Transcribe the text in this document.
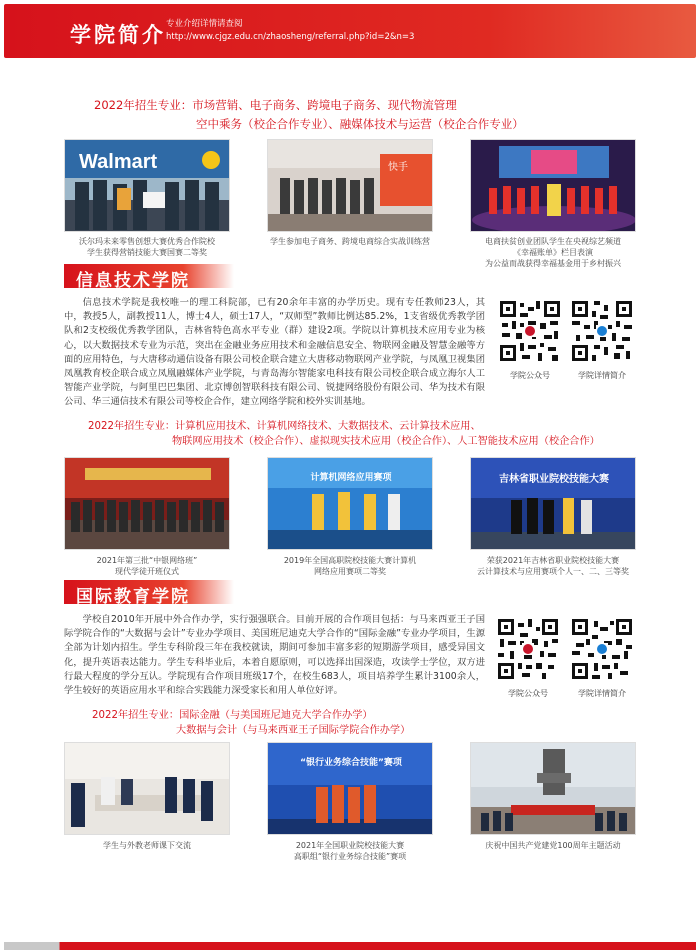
学院简介 专业介绍详情请查阅
http://www.cjgz.edu.cn/zhaosheng/referral.php?id=2&n=3
2022年招生专业：市场营销、电子商务、跨境电子商务、现代物流管理
空中乘务（校企合作专业）、融媒体技术与运营（校企合作专业）
Walmart
沃尔玛未来零售创想大赛优秀合作院校
学生获得营销技能大赛国赛二等奖
快手
学生参加电子商务、跨境电商综合实战训练营	电商扶贫创业团队学生在央视综艺频道
《幸福账单》栏目表演
为公益而战获得幸福基金用于乡村振兴
信息技术学院
信息技术学院是我校唯一的理工科院部，已有20余年丰富的办学历史。现有专任教师23人，其中，教授5人，副教授11人，博士4人，硕士17人，“双师型”教师比例达85.2%，1支省级优秀教学团队和2支校级优秀教学团队，吉林省特色高水平专业（群）建设2项。学院以计算机技术应用专业为核心，以大数据技术专业为示范，突出在金融业务应用技术和金融信息安全、物联网金融及智慧金融等方面的应用特色，与大唐移动通信设备有限公司校企联合建立大唐移动物联网产业学院，与凤凰卫视集团凤凰教育校企联合成立凤凰融媒体产业学院，与青岛海尔智能家电科技有限公司校企联合成立海尔人工智能产业学院，与阿里巴巴集团、北京博创智联科技有限公司、锐捷网络股份有限公司、华为技术有限公司、华三通信技术有限公司等校企合作，建立网络学院和校外实训基地。
学院公众号	学院详情简介
2022年招生专业：计算机应用技术、计算机网络技术、大数据技术、云计算技术应用、
物联网应用技术（校企合作）、虚拟现实技术应用（校企合作）、人工智能技术应用（校企合作）
2021年第三批“中银网络班”
现代学徒开班仪式
计算机网络应用赛项
2019年全国高职院校技能大赛计算机
网络应用赛项二等奖
吉林省职业院校技能大赛
荣获2021年吉林省职业院校技能大赛
云计算技术与应用赛项个人一、二、三等奖
国际教育学院
学校自2010年开展中外合作办学，实行强强联合。目前开展的合作项目包括：与马来西亚王子国际学院合作的“大数据与会计”专业办学项目、美国班尼迪克大学合作的“国际金融”专业办学项目，生源全部为计划内招生。学生专科阶段三年在我校就读，期间可参加丰富多彩的短期游学项目，感受异国文化，提升英语表达能力。学生专科毕业后，本着自愿原则，可以选择出国深造，攻读学士学位，双方进行最大程度的学分互认。学院现有合作项目班级17个，在校生683人，项目培养学生累计3100余人，学生较好的英语应用水平和综合实践能力深受家长和用人单位好评。	学院公众号	学院详情简介
2022年招生专业：国际金融（与美国班尼迪克大学合作办学）
大数据与会计（与马来西亚王子国际学院合作办学）
学生与外教老师课下交流
“银行业务综合技能”赛项
2021年全国职业院校技能大赛
高职组“银行业务综合技能”赛项
庆祝中国共产党建党100周年主题活动
